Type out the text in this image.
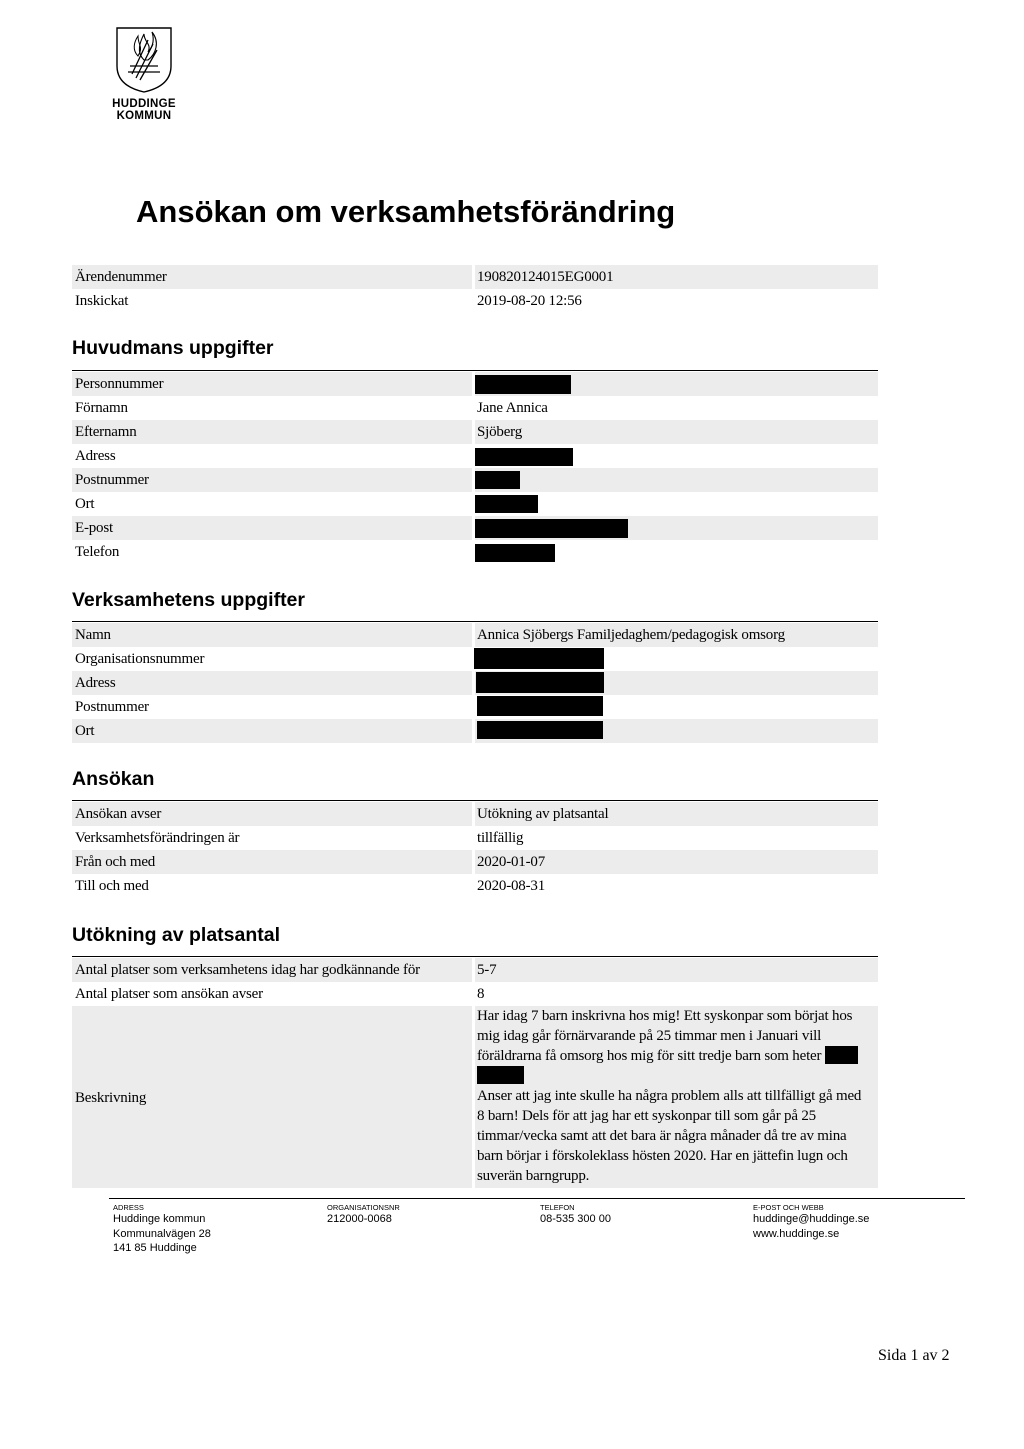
HUDDINGE
KOMMUN
Ansökan om verksamhetsförändring
Ärendenummer	190820124015EG0001
Inskickat	2019-08-20 12:56
Huvudmans uppgifter
Personnummer
Förnamn	Jane Annica
Efternamn	Sjöberg
Adress
Postnummer
Ort
E-post
Telefon
Verksamhetens uppgifter
Namn	Annica Sjöbergs Familjedaghem/pedagogisk omsorg
Organisationsnummer
Adress
Postnummer
Ort
Ansökan
Ansökan avser	Utökning av platsantal
Verksamhetsförändringen är	tillfällig
Från och med	2020-01-07
Till och med	2020-08-31
Utökning av platsantal
Antal platser som verksamhetens idag har godkännande för	5-7
Antal platser som ansökan avser	8
Beskrivning

Har idag 7 barn inskrivna hos mig! Ett syskonpar som börjat hos mig idag går förnärvarande på 25 timmar men i Januari vill föräldrarna få omsorg hos mig för sitt tredje barn som heter

Anser att jag inte skulle ha några problem alls att tillfälligt gå med 8 barn! Dels för att jag har ett syskonpar till som går på 25 timmar/vecka samt att det bara är några månader då tre av mina barn börjar i förskoleklass hösten 2020. Har en jättefin lugn och suverän barngrupp.

ADRESS
Huddinge kommun
Kommunalvägen 28
141 85 Huddinge
ORGANISATIONSNR
212000-0068
TELEFON
08-535 300 00
E-POST OCH WEBB
huddinge@huddinge.se
www.huddinge.se
Sida 1 av 2
